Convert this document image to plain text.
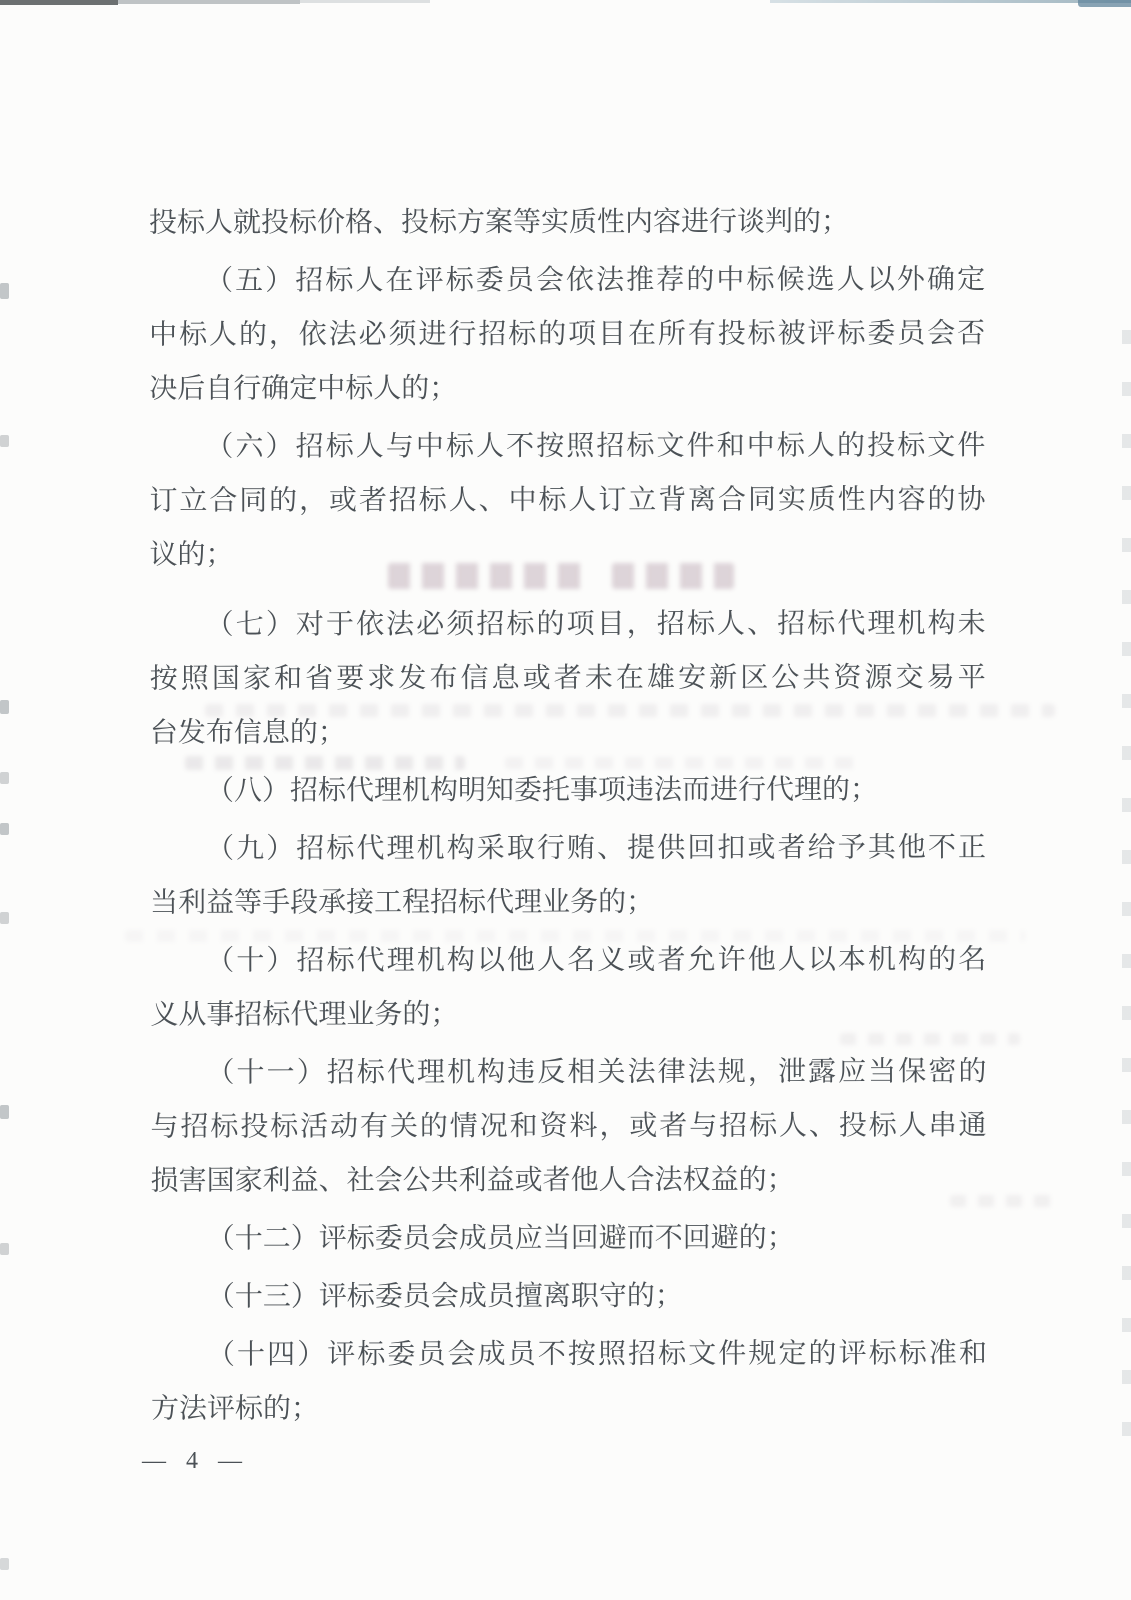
投标人就投标价格、投标方案等实质性内容进行谈判的；

（五）招标人在评标委员会依法推荐的中标候选人以外确定

中标人的，依法必须进行招标的项目在所有投标被评标委员会否

决后自行确定中标人的；

（六）招标人与中标人不按照招标文件和中标人的投标文件

订立合同的，或者招标人、中标人订立背离合同实质性内容的协

议的；

（七）对于依法必须招标的项目，招标人、招标代理机构未

按照国家和省要求发布信息或者未在雄安新区公共资源交易平

台发布信息的；

（八）招标代理机构明知委托事项违法而进行代理的；

（九）招标代理机构采取行贿、提供回扣或者给予其他不正

当利益等手段承接工程招标代理业务的；

（十）招标代理机构以他人名义或者允许他人以本机构的名

义从事招标代理业务的；

（十一）招标代理机构违反相关法律法规，泄露应当保密的

与招标投标活动有关的情况和资料，或者与招标人、投标人串通

损害国家利益、社会公共利益或者他人合法权益的；

（十二）评标委员会成员应当回避而不回避的；

（十三）评标委员会成员擅离职守的；

（十四）评标委员会成员不按照招标文件规定的评标标准和

方法评标的；

— 4 —
